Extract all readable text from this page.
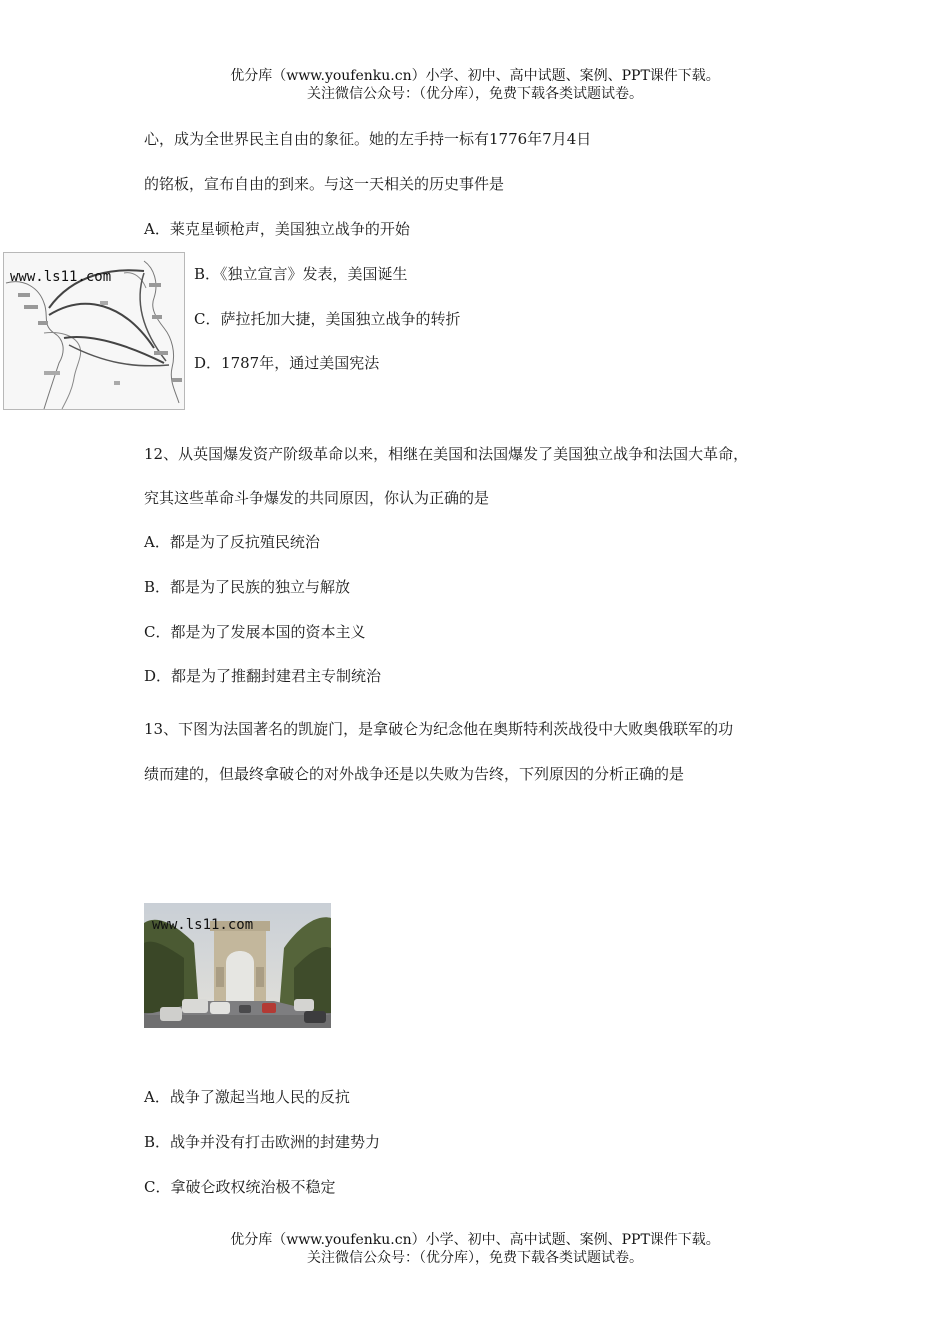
优分库（www.youfenku.cn）小学、初中、高中试题、案例、PPT课件下载。
关注微信公众号：（优分库），免费下载各类试题试卷。
心，成为全世界民主自由的象征。她的左手持一标有1776年7月4日
的铭板，宣布自由的到来。与这一天相关的历史事件是
A．莱克星顿枪声，美国独立战争的开始
B．《独立宣言》发表，美国诞生
C．萨拉托加大捷，美国独立战争的转折
D．1787年，通过美国宪法
www.ls11.com
12、从英国爆发资产阶级革命以来，相继在美国和法国爆发了美国独立战争和法国大革命，
究其这些革命斗争爆发的共同原因，你认为正确的是
A．都是为了反抗殖民统治
B．都是为了民族的独立与解放
C．都是为了发展本国的资本主义
D．都是为了推翻封建君主专制统治
13、下图为法国著名的凯旋门，是拿破仑为纪念他在奥斯特利茨战役中大败奥俄联军的功
绩而建的，但最终拿破仑的对外战争还是以失败为告终，下列原因的分析正确的是
www.ls11.com
A．战争了激起当地人民的反抗
B．战争并没有打击欧洲的封建势力
C．拿破仑政权统治极不稳定
优分库（www.youfenku.cn）小学、初中、高中试题、案例、PPT课件下载。
关注微信公众号：（优分库），免费下载各类试题试卷。
